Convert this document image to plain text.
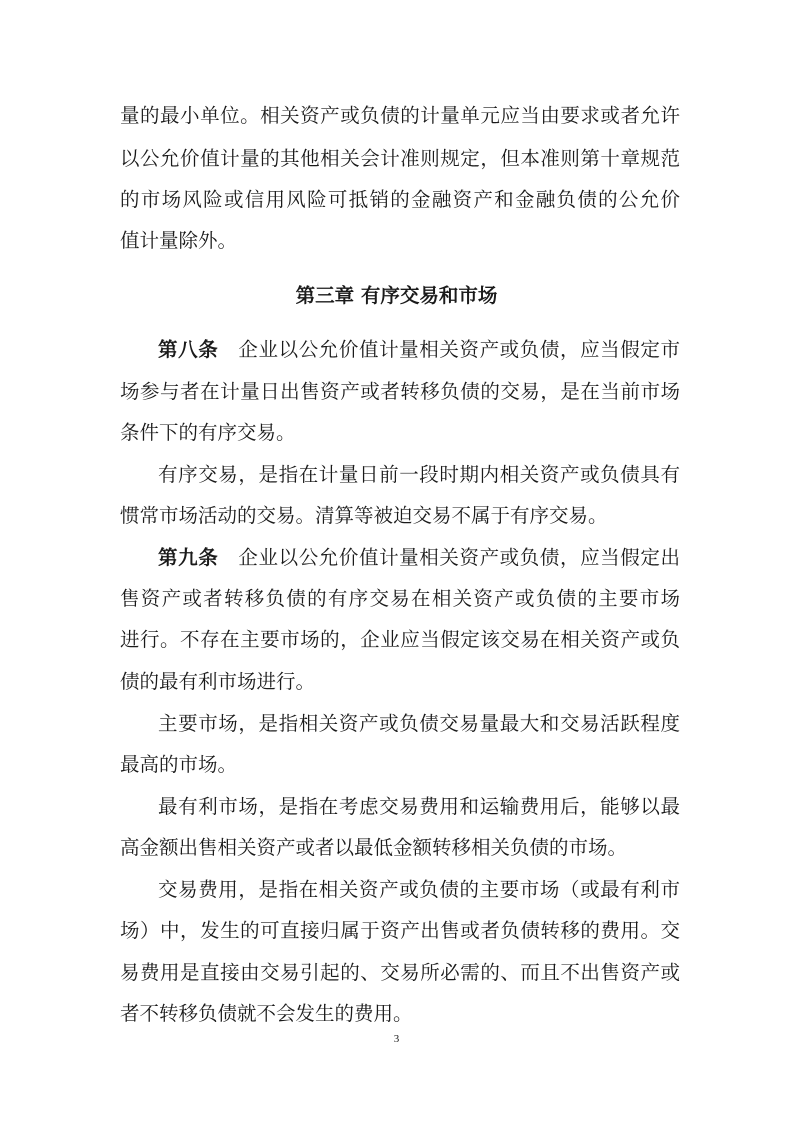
量的最小单位。相关资产或负债的计量单元应当由要求或者允许
以公允价值计量的其他相关会计准则规定，但本准则第十章规范
的市场风险或信用风险可抵销的金融资产和金融负债的公允价
值计量除外。
第三章 有序交易和市场
第八条  企业以公允价值计量相关资产或负债，应当假定市
场参与者在计量日出售资产或者转移负债的交易，是在当前市场
条件下的有序交易。
有序交易，是指在计量日前一段时期内相关资产或负债具有
惯常市场活动的交易。清算等被迫交易不属于有序交易。
第九条  企业以公允价值计量相关资产或负债，应当假定出
售资产或者转移负债的有序交易在相关资产或负债的主要市场
进行。不存在主要市场的，企业应当假定该交易在相关资产或负
债的最有利市场进行。
主要市场，是指相关资产或负债交易量最大和交易活跃程度
最高的市场。
最有利市场，是指在考虑交易费用和运输费用后，能够以最
高金额出售相关资产或者以最低金额转移相关负债的市场。
交易费用，是指在相关资产或负债的主要市场（或最有利市
场）中，发生的可直接归属于资产出售或者负债转移的费用。交
易费用是直接由交易引起的、交易所必需的、而且不出售资产或
者不转移负债就不会发生的费用。
3
